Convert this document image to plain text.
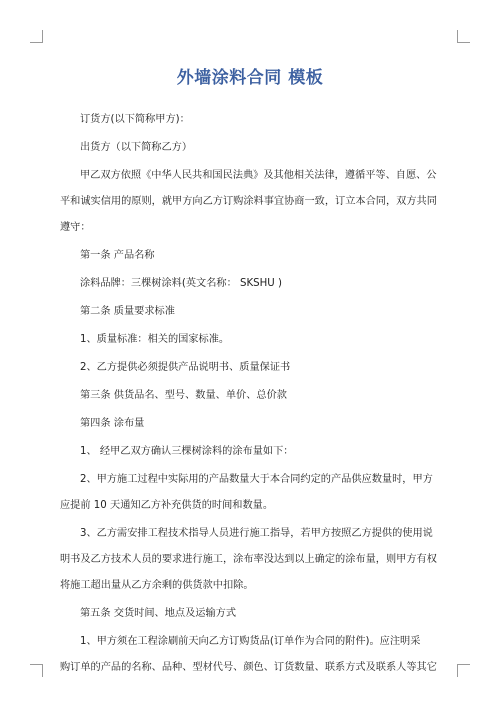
外墙涂料合同 模板
订货方(以下简称甲方)：
出货方（以下简称乙方）
甲乙双方依照《中华人民共和国民法典》及其他相关法律，遵循平等、自愿、公
平和诚实信用的原则，就甲方向乙方订购涂料事宜协商一致，订立本合同，双方共同
遵守：
第一条 产品名称
涂料品牌：三棵树涂料(英文名称： SKSHU )
第二条 质量要求标准
1、质量标准：相关的国家标准。
2、乙方提供必须提供产品说明书、质量保证书
第三条 供货品名、型号、数量、单价、总价款
第四条 涂布量
1、 经甲乙双方确认三棵树涂料的涂布量如下：
2、甲方施工过程中实际用的产品数量大于本合同约定的产品供应数量时，甲方
应提前 10 天通知乙方补充供货的时间和数量。
3、乙方需安排工程技术指导人员进行施工指导，若甲方按照乙方提供的使用说
明书及乙方技术人员的要求进行施工，涂布率没达到以上确定的涂布量，则甲方有权
将施工超出量从乙方余剩的供货款中扣除。
第五条 交货时间、地点及运输方式
1、甲方须在工程涂刷前天向乙方订购货品(订单作为合同的附件)。应注明采
购订单的产品的名称、品种、型材代号、颜色、订货数量、联系方式及联系人等其它
